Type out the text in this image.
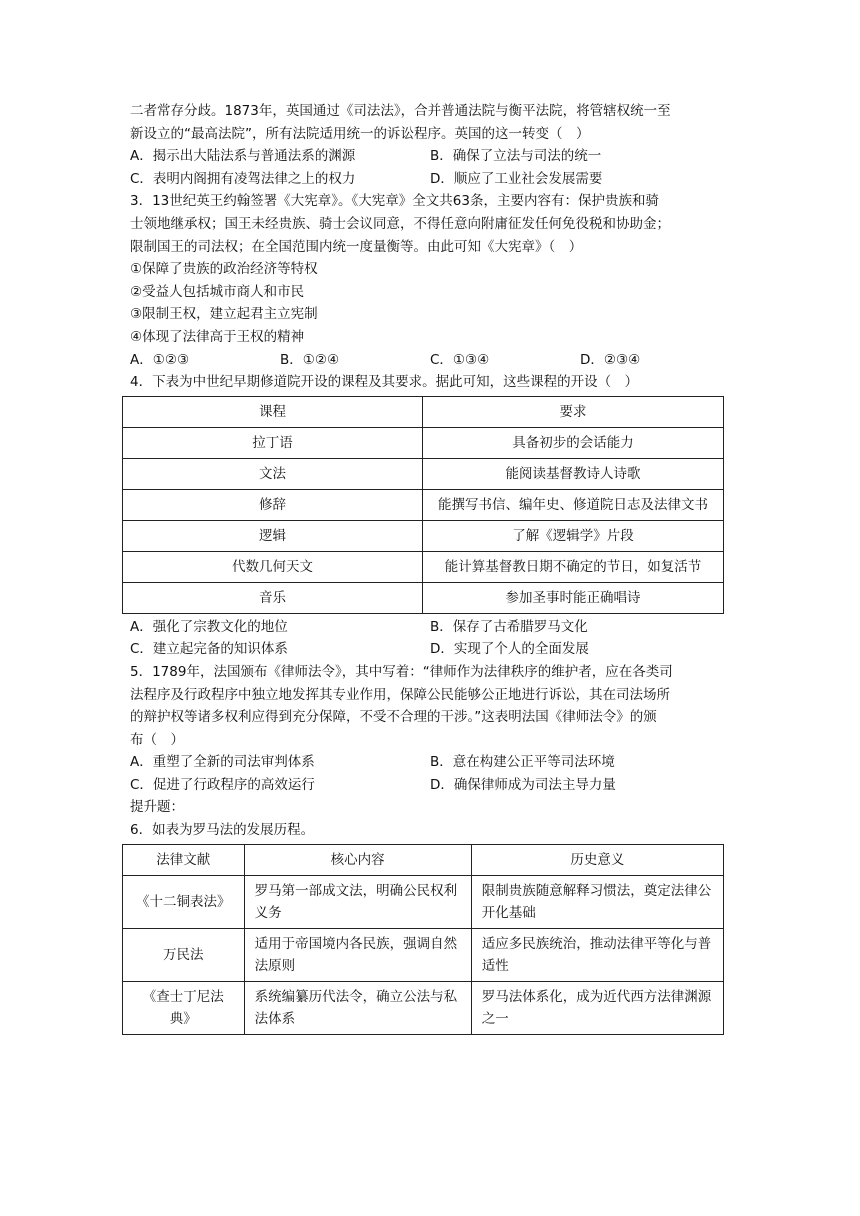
二者常存分歧。1873年，英国通过《司法法》，合并普通法院与衡平法院，将管辖权统一至
新设立的“最高法院”，所有法院适用统一的诉讼程序。英国的这一转变（　）
A．揭示出大陆法系与普通法系的渊源	B．确保了立法与司法的统一
C．表明内阁拥有凌驾法律之上的权力	D．顺应了工业社会发展需要
3．13世纪英王约翰签署《大宪章》。《大宪章》全文共63条，主要内容有：保护贵族和骑
士领地继承权；国王未经贵族、骑士会议同意，不得任意向附庸征发任何免役税和协助金；
限制国王的司法权；在全国范围内统一度量衡等。由此可知《大宪章》（　）
①保障了贵族的政治经济等特权
②受益人包括城市商人和市民
③限制王权，建立起君主立宪制
④体现了法律高于王权的精神
A．①②③	B．①②④	C．①③④	D．②③④
4．下表为中世纪早期修道院开设的课程及其要求。据此可知，这些课程的开设（　）
课程	要求
拉丁语	具备初步的会话能力
文法	能阅读基督教诗人诗歌
修辞	能撰写书信、编年史、修道院日志及法律文书
逻辑	了解《逻辑学》片段
代数几何天文	能计算基督教日期不确定的节日，如复活节
音乐	参加圣事时能正确唱诗
A．强化了宗教文化的地位	B．保存了古希腊罗马文化
C．建立起完备的知识体系	D．实现了个人的全面发展
5．1789年，法国颁布《律师法令》，其中写着：“律师作为法律秩序的维护者，应在各类司
法程序及行政程序中独立地发挥其专业作用，保障公民能够公正地进行诉讼，其在司法场所
的辩护权等诸多权利应得到充分保障，不受不合理的干涉。”这表明法国《律师法令》的颁
布（　）
A．重塑了全新的司法审判体系	B．意在构建公正平等司法环境
C．促进了行政程序的高效运行	D．确保律师成为司法主导力量
提升题：
6．如表为罗马法的发展历程。
法律文献	核心内容	历史意义
《十二铜表法》	罗马第一部成文法，明确公民权利义务	限制贵族随意解释习惯法，奠定法律公开化基础
万民法	适用于帝国境内各民族，强调自然法原则	适应多民族统治，推动法律平等化与普适性
《查士丁尼法典》	系统编纂历代法令，确立公法与私法体系	罗马法体系化，成为近代西方法律渊源之一
